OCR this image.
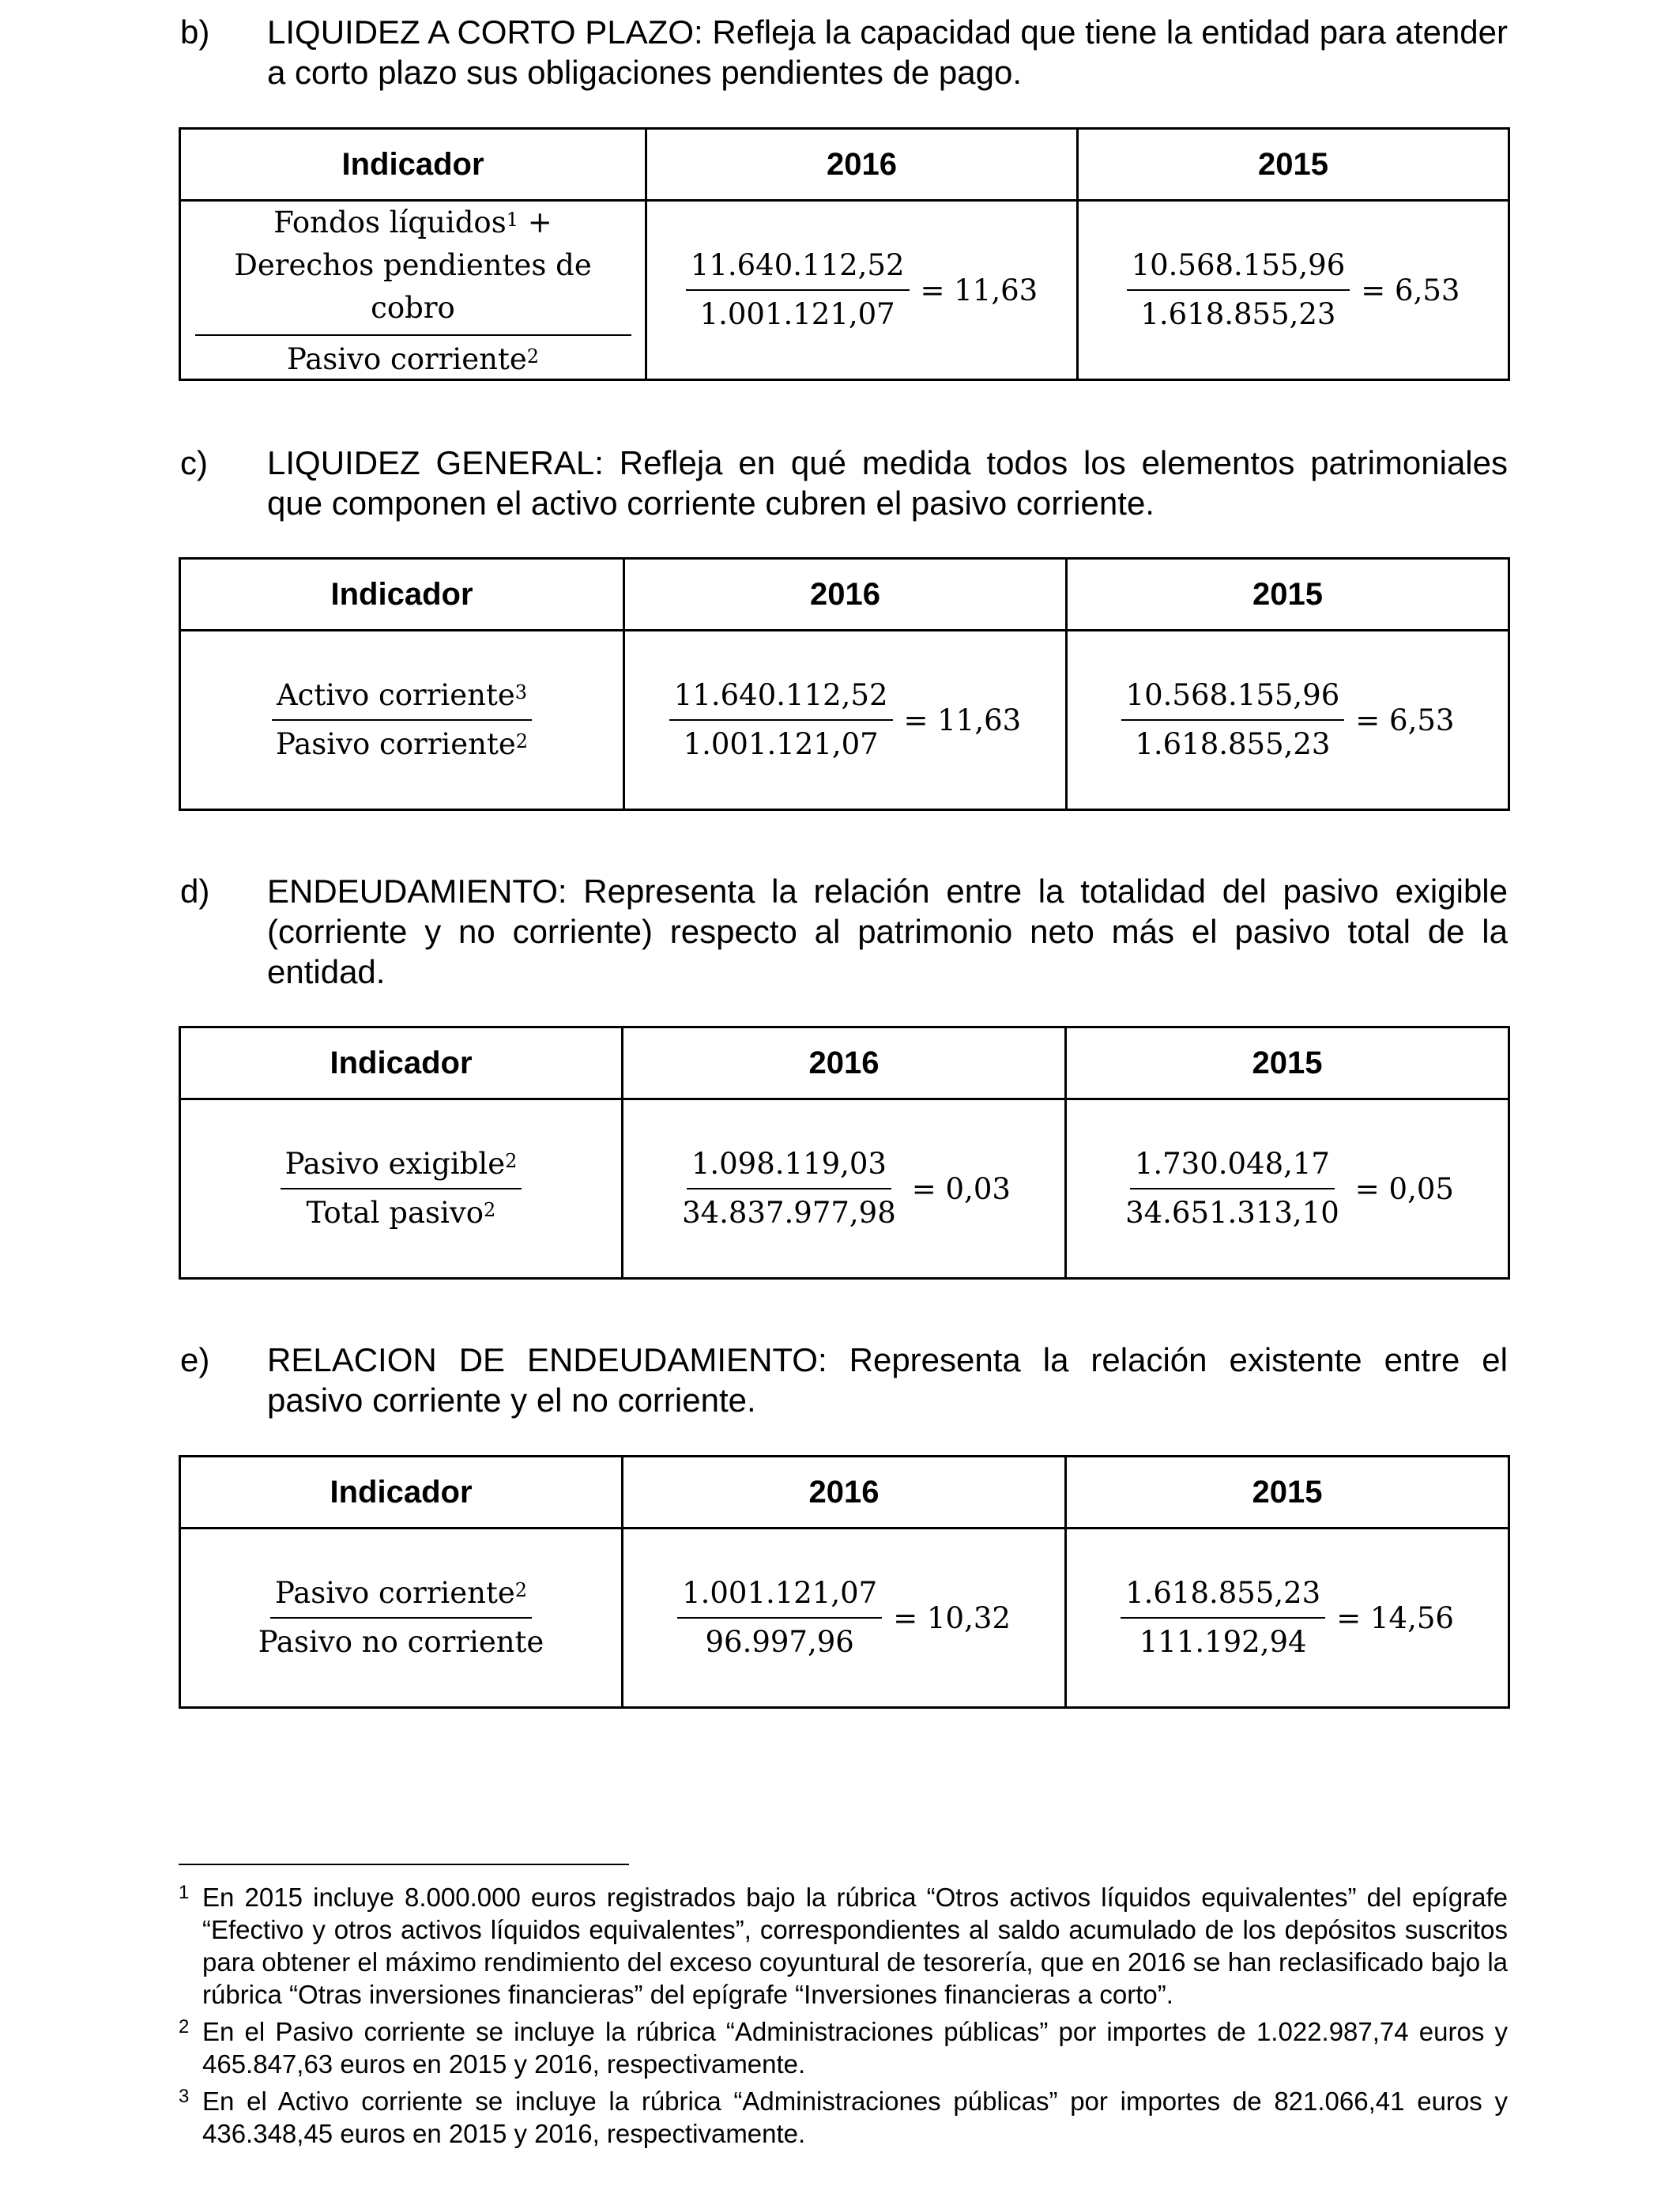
b) LIQUIDEZ A CORTO PLAZO: Refleja la capacidad que tiene la entidad para atender a corto plazo sus obligaciones pendientes de pago.
Indicador	2016	2015

$\frac{Fondos líquidos^1 + Derechos pendientes de cobro}{Pasivo corriente^2}$	$\frac{11.640.112,52}{1.001.121,07} = 11,63$	$\frac{10.568.155,96}{1.618.855,23} = 6,53$
c) LIQUIDEZ GENERAL: Refleja en qué medida todos los elementos patrimoniales que componen el activo corriente cubren el pasivo corriente.
Indicador	2016	2015

$\frac{Activo corriente^3}{Pasivo corriente^2}$	$\frac{11.640.112,52}{1.001.121,07} = 11,63$	$\frac{10.568.155,96}{1.618.855,23} = 6,53$
d) ENDEUDAMIENTO: Representa la relación entre la totalidad del pasivo exigible (corriente y no corriente) respecto al patrimonio neto más el pasivo total de la entidad.
Indicador	2016	2015

$\frac{Pasivo exigible^2}{Total pasivo^2}$	$\frac{1.098.119,03}{34.837.977,98} = 0,03$	$\frac{1.730.048,17}{34.651.313,10} = 0,05$
e) RELACION DE ENDEUDAMIENTO: Representa la relación existente entre el pasivo corriente y el no corriente.
Indicador	2016	2015

$\frac{Pasivo corriente^2}{\text{Pasivo no corriente}}$	$\frac{1.001.121,07}{96.997,96} = 10,32$	$\frac{1.618.855,23}{111.192,94} = 14,56$
1 En 2015 incluye 8.000.000 euros registrados bajo la rúbrica “Otros activos líquidos equivalentes” del epígrafe “Efectivo y otros activos líquidos equivalentes”, correspondientes al saldo acumulado de los depósitos suscritos para obtener el máximo rendimiento del exceso coyuntural de tesorería, que en 2016 se han reclasificado bajo la rúbrica “Otras inversiones financieras” del epígrafe “Inversiones financieras a corto”.
2 En el Pasivo corriente se incluye la rúbrica “Administraciones públicas” por importes de 1.022.987,74 euros y 465.847,63 euros en 2015 y 2016, respectivamente.
3 En el Activo corriente se incluye la rúbrica “Administraciones públicas” por importes de 821.066,41 euros y 436.348,45 euros en 2015 y 2016, respectivamente.
